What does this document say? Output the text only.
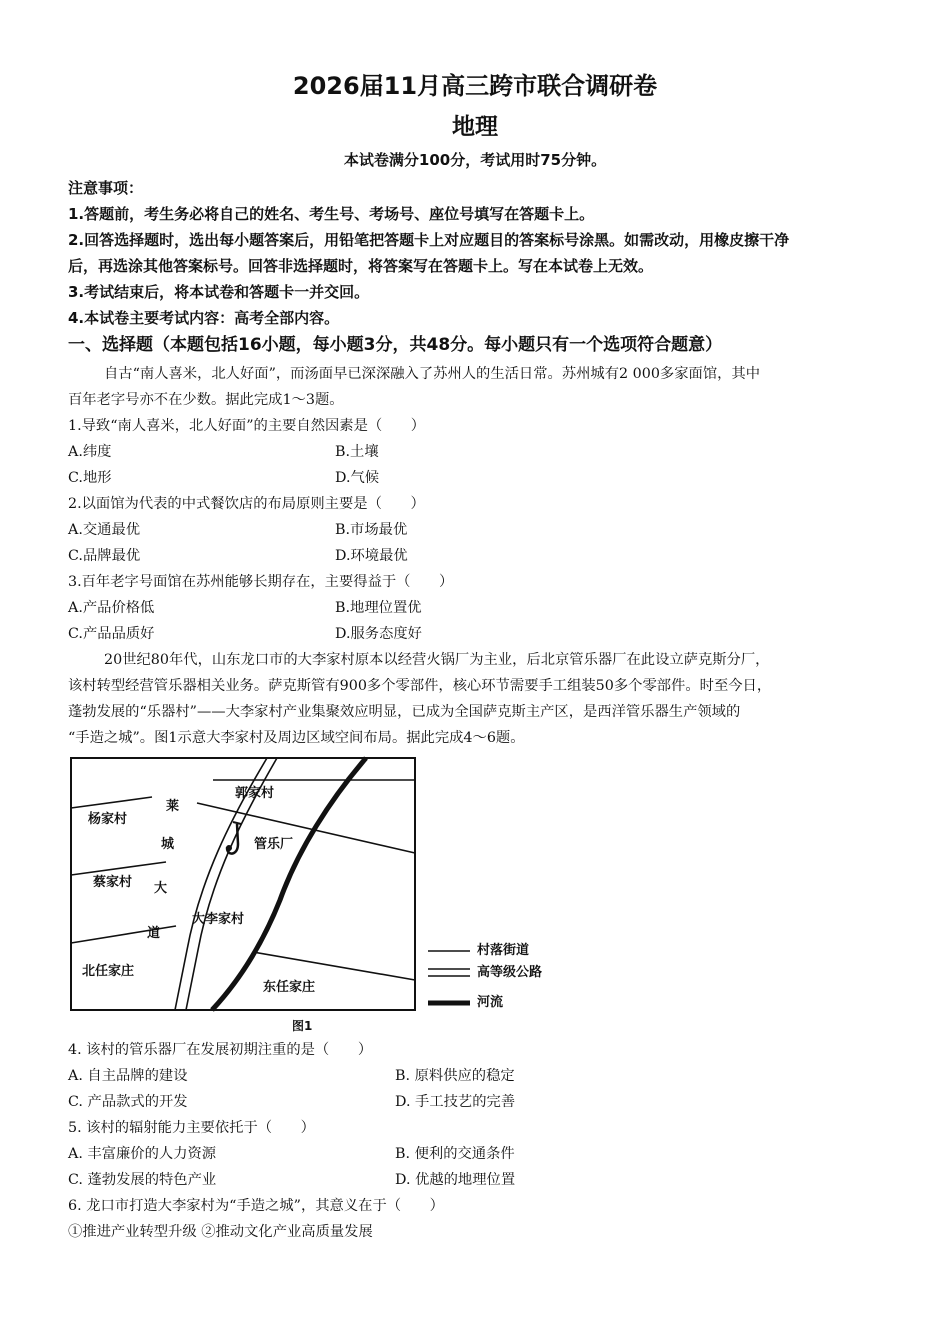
2026届11月高三跨市联合调研卷
地理
本试卷满分100分，考试用时75分钟。
注意事项：
1.答题前，考生务必将自己的姓名、考生号、考场号、座位号填写在答题卡上。
2.回答选择题时，选出每小题答案后，用铅笔把答题卡上对应题目的答案标号涂黑。如需改动，用橡皮擦干净
后，再选涂其他答案标号。回答非选择题时，将答案写在答题卡上。写在本试卷上无效。
3.考试结束后，将本试卷和答题卡一并交回。
4.本试卷主要考试内容：高考全部内容。
一、选择题（本题包括16小题，每小题3分，共48分。每小题只有一个选项符合题意）
自古“南人喜米，北人好面”，而汤面早已深深融入了苏州人的生活日常。苏州城有2 000多家面馆，其中
百年老字号亦不在少数。据此完成1～3题。
1.导致“南人喜米，北人好面”的主要自然因素是（　　）
A.纬度	B.土壤
C.地形	D.气候
2.以面馆为代表的中式餐饮店的布局原则主要是（　　）
A.交通最优	B.市场最优
C.品牌最优	D.环境最优
3.百年老字号面馆在苏州能够长期存在，主要得益于（　　）
A.产品价格低	B.地理位置优
C.产品品质好	D.服务态度好
20世纪80年代，山东龙口市的大李家村原本以经营火锅厂为主业，后北京管乐器厂在此设立萨克斯分厂，
该村转型经营管乐器相关业务。萨克斯管有900多个零部件，核心环节需要手工组装50多个零部件。时至今日，
蓬勃发展的“乐器村”——大李家村产业集聚效应明显，已成为全国萨克斯主产区，是西洋管乐器生产领域的
“手造之城”。图1示意大李家村及周边区域空间布局。据此完成4～6题。
杨家村
莱
城
大
道
郭家村
管乐厂
蔡家村
大李家村
北任家庄
东任家庄
村落街道
高等级公路
河流
图1
4. 该村的管乐器厂在发展初期注重的是（　　）
A. 自主品牌的建设	B. 原料供应的稳定
C. 产品款式的开发	D. 手工技艺的完善
5. 该村的辐射能力主要依托于（　　）
A. 丰富廉价的人力资源	B. 便利的交通条件
C. 蓬勃发展的特色产业	D. 优越的地理位置
6. 龙口市打造大李家村为“手造之城”，其意义在于（　　）
①推进产业转型升级 ②推动文化产业高质量发展
